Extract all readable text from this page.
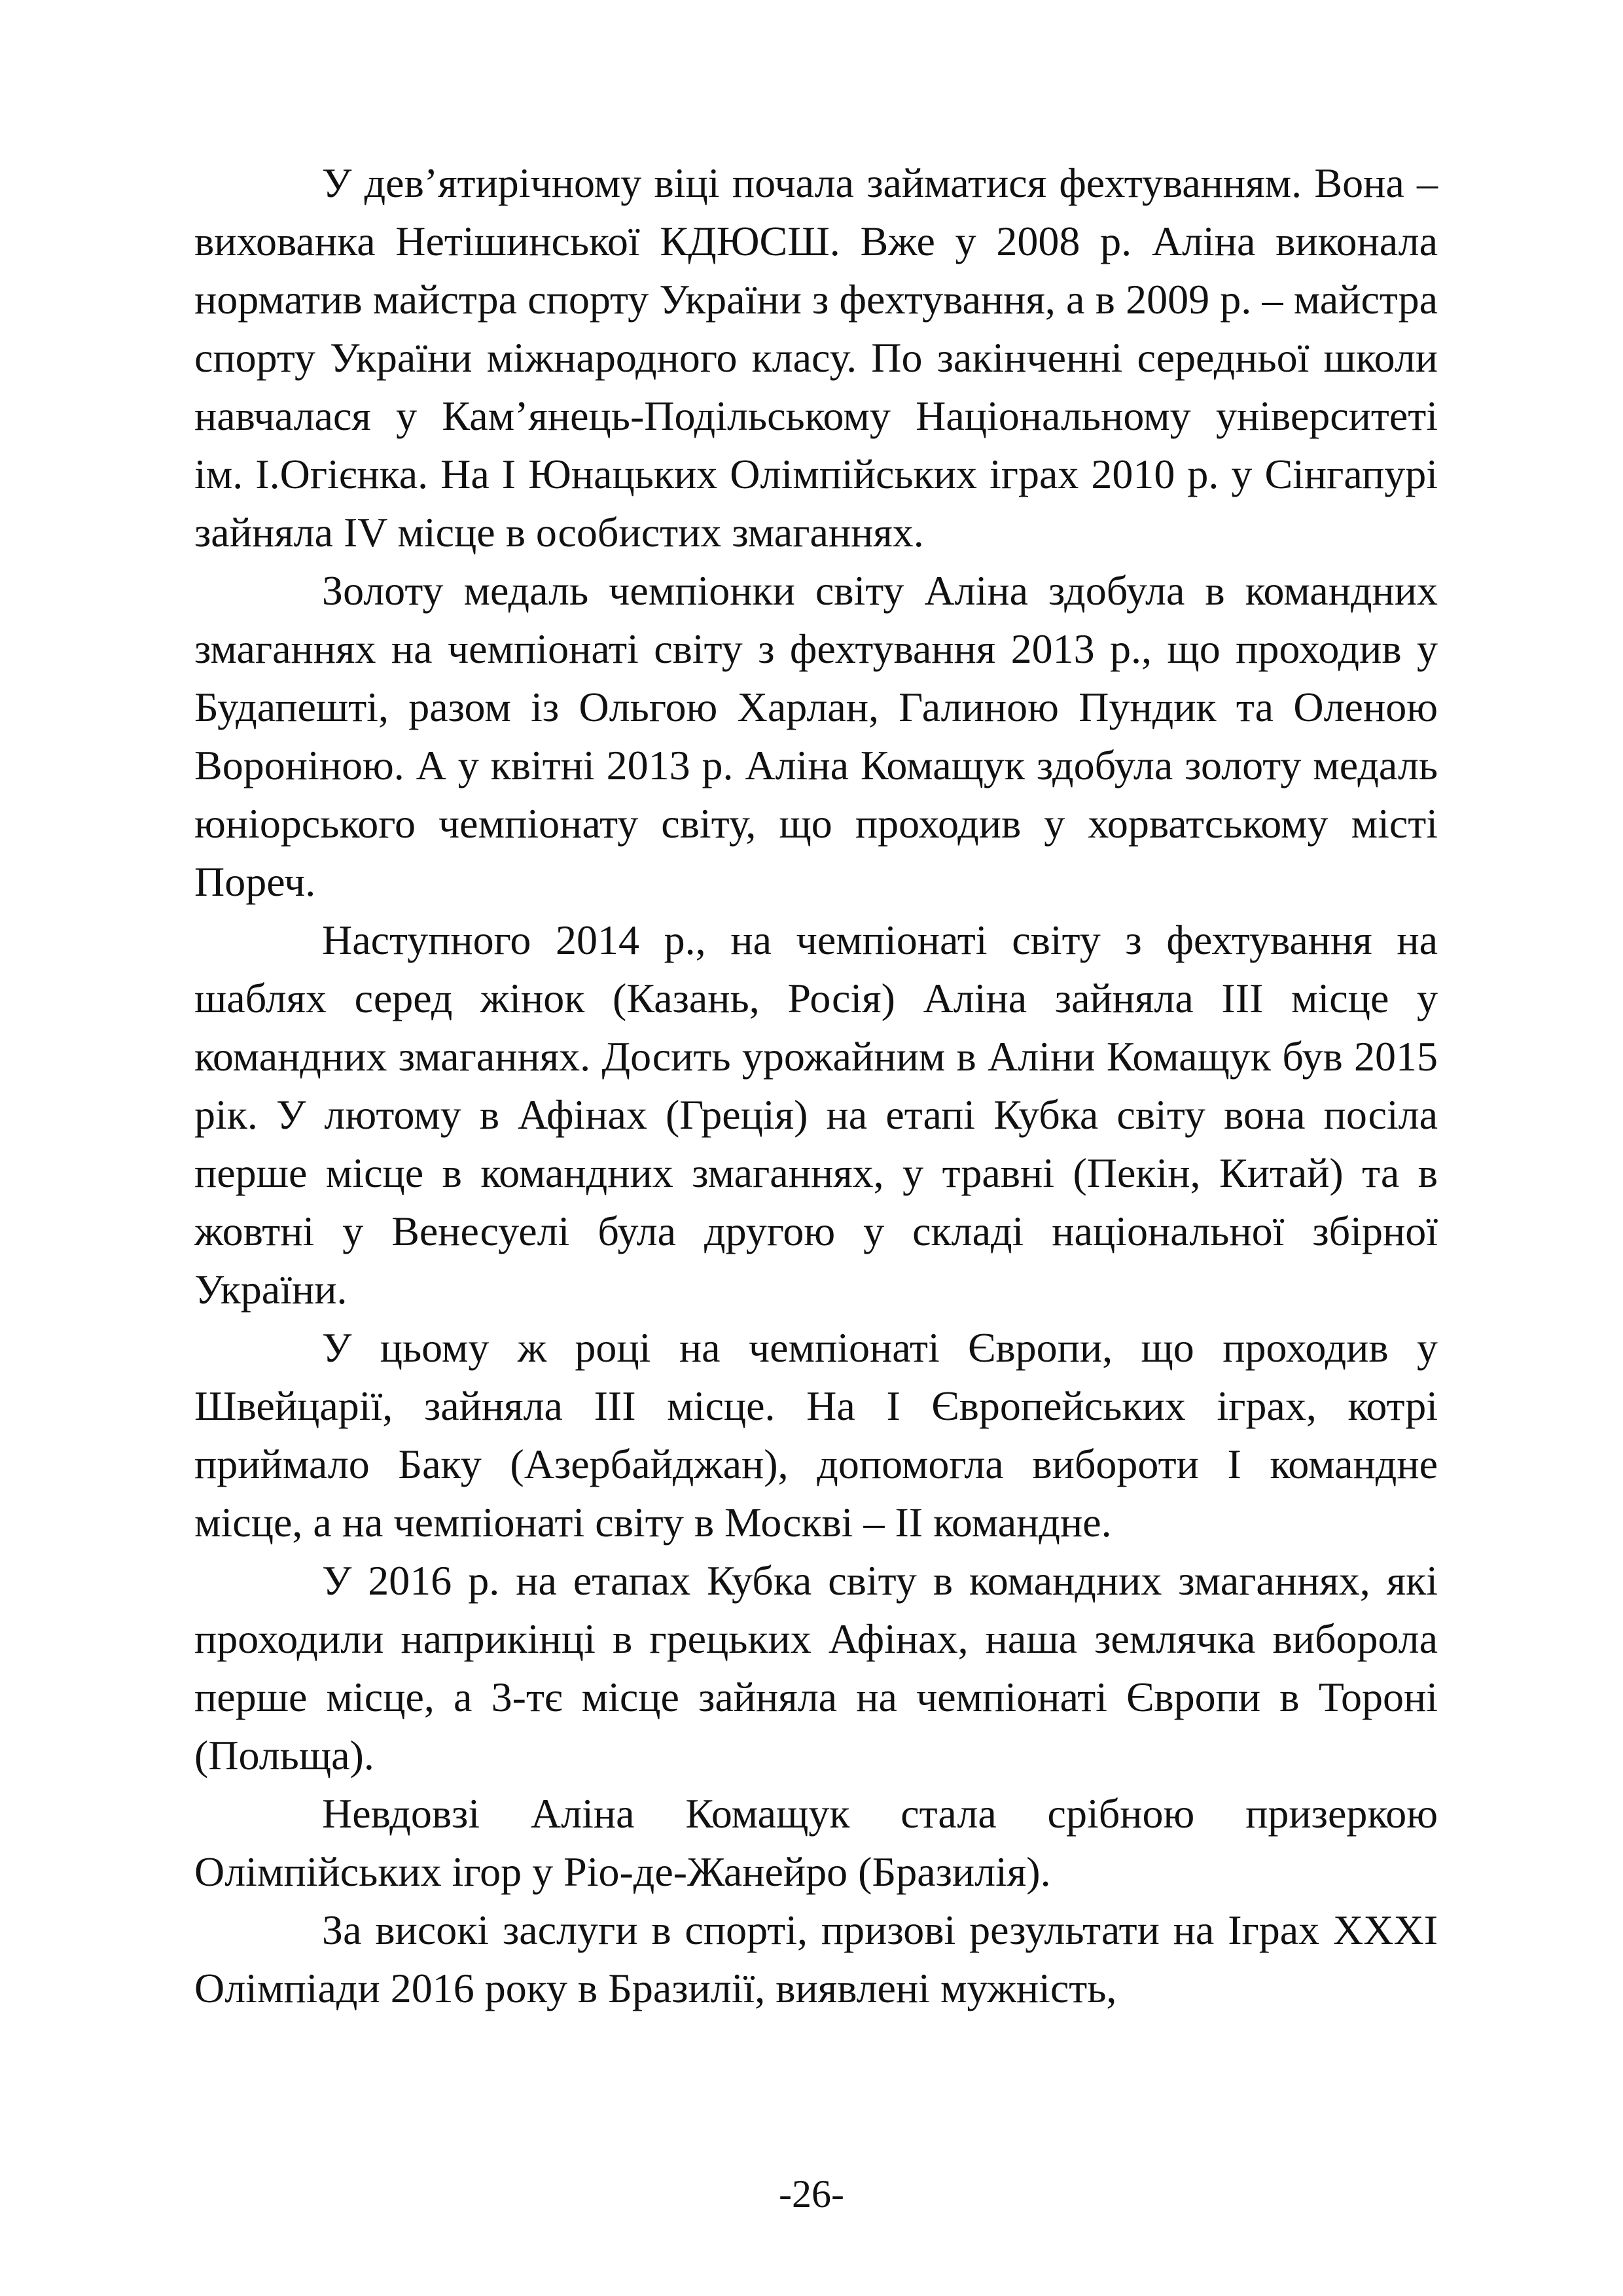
У дев’ятирічному віці почала займатися фехтуванням. Вона – вихованка Нетішинської КДЮСШ. Вже у 2008 р. Аліна виконала норматив майстра спорту України з фехтування, а в 2009 р. – майстра спорту України міжнародного класу. По закінченні середньої школи навчалася у Кам’янець-Подільському Національному університеті ім. І.Огієнка. На І Юнацьких Олімпійських іграх 2010 р. у Сінгапурі зайняла IV місце в особистих змаганнях.

Золоту медаль чемпіонки світу Аліна здобула в командних змаганнях на чемпіонаті світу з фехтування 2013 р., що проходив у Будапешті, разом із Ольгою Харлан, Галиною Пундик та Оленою Вороніною. А у квітні 2013 р. Аліна Комащук здобула золоту медаль юніорського чемпіонату світу, що проходив у хорватському місті Пореч.

Наступного 2014 р., на чемпіонаті світу з фехтування на шаблях серед жінок (Казань, Росія) Аліна зайняла ІІІ місце у командних змаганнях. Досить урожайним в Аліни Комащук був 2015 рік. У лютому в Афінах (Греція) на етапі Кубка світу вона посіла перше місце в командних змаганнях, у травні (Пекін, Китай) та в жовтні у Венесуелі була другою у складі національної збірної України.

У цьому ж році на чемпіонаті Європи, що проходив у Швейцарії, зайняла ІІІ місце. На І Європейських іграх, котрі приймало Баку (Азербайджан), допомогла вибороти І командне місце, а на чемпіонаті світу в Москві – ІІ командне.

У 2016 р. на етапах Кубка світу в командних змаганнях, які проходили наприкінці в грецьких Афінах, наша землячка виборола перше місце, а 3-тє місце зайняла на чемпіонаті Європи в Тороні (Польща).

Невдовзі Аліна Комащук стала срібною призеркою Олімпійських ігор у Ріо-де-Жанейро (Бразилія).

За високі заслуги в спорті, призові результати на Іграх XXXI Олімпіади 2016 року в Бразилії, виявлені мужність,

-26-
